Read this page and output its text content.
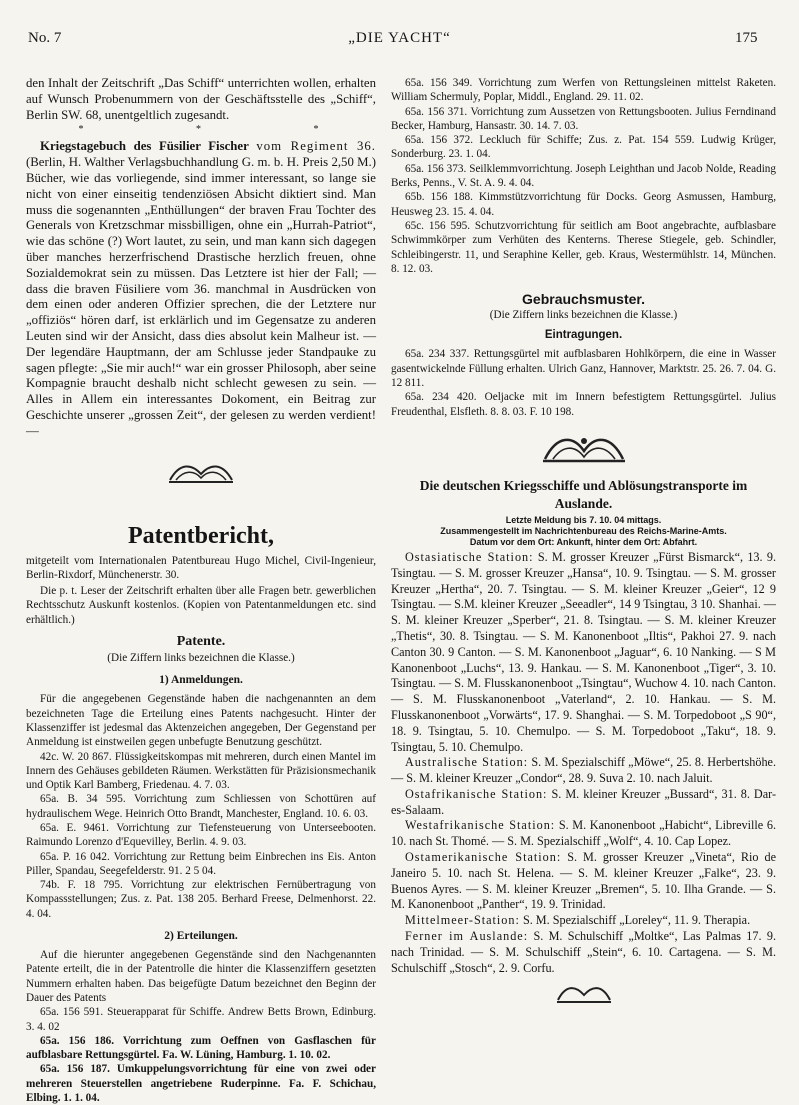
No. 7	„DIE YACHT“	175

den Inhalt der Zeitschrift „Das Schiff“ unterrichten wollen, erhalten auf Wunsch Probenummern von der Geschäftsstelle des „Schiff“, Berlin SW. 68, unentgeltlich zugesandt.

* * *

Kriegstagebuch des Füsilier Fischer vom Regiment 36. (Berlin, H. Walther Verlagsbuchhandlung G. m. b. H. Preis 2,50 M.) Bücher, wie das vorliegende, sind immer interessant, so lange sie nicht von einer einseitig tendenziösen Absicht diktiert sind. Man muss die sogenannten „Enthüllungen“ der braven Frau Tochter des Generals von Kretzschmar missbilligen, ohne ein „Hurrah-Patriot“, wie das schöne (?) Wort lautet, zu sein, und man kann sich dagegen über manches herzerfrischend Drastische herzlich freuen, ohne Sozialdemokrat sein zu müssen. Das Letztere ist hier der Fall; — dass die braven Füsiliere vom 36. manchmal in Ausdrücken von dem einen oder anderen Offizier sprechen, die der Letztere nur „offiziös“ hören darf, ist erklärlich und im Gegensatze zu anderen Leuten sind wir der Ansicht, dass dies absolut kein Malheur ist. — Der legendäre Hauptmann, der am Schlusse jeder Standpauke zu sagen pflegte: „Sie mir auch!“ war ein grosser Philosoph, aber seine Kompagnie braucht deshalb nicht schlecht gewesen zu sein. — Alles in Allem ein interessantes Dokoment, ein Beitrag zur Geschichte unserer „grossen Zeit“, der gelesen zu werden verdient! —

Patentbericht,

mitgeteilt vom Internationalen Patentbureau Hugo Michel, Civil-Ingenieur, Berlin-Rixdorf, Münchenerstr. 30.

Die p. t. Leser der Zeitschrift erhalten über alle Fragen betr. gewerblichen Rechtsschutz Auskunft kostenlos. (Kopien von Patentanmeldungen etc. sind erhältlich.)

Patente.

(Die Ziffern links bezeichnen die Klasse.)

1) Anmeldungen.

Für die angegebenen Gegenstände haben die nachgenannten an dem bezeichneten Tage die Erteilung eines Patents nachgesucht. Hinter der Klassenziffer ist jedesmal das Aktenzeichen angegeben, Der Gegenstand per Anmeldung ist einstweilen gegen unbefugte Benutzung geschützt.

42c. W. 20 867. Flüssigkeitskompas mit mehreren, durch einen Mantel im Innern des Gehäuses gebildeten Räumen. Werkstätten für Präzisionsmechanik und Optik Karl Bamberg, Friedenau. 4. 7. 03.

65a. B. 34 595. Vorrichtung zum Schliessen von Schottüren auf hydraulischem Wege. Heinrich Otto Brandt, Manchester, England. 10. 6. 03.

65a. E. 9461. Vorrichtung zur Tiefensteuerung von Unterseebooten. Raimundo Lorenzo d'Equevilley, Berlin. 4. 9. 03.

65a. P. 16 042. Vorrichtung zur Rettung beim Einbrechen ins Eis. Anton Piller, Spandau, Seegefelderstr. 91. 2 5 04.

74b. F. 18 795. Vorrichtung zur elektrischen Fernübertragung von Kompassstellungen; Zus. z. Pat. 138 205. Berhard Freese, Delmenhorst. 22. 4. 04.

2) Erteilungen.

Auf die hierunter angegebenen Gegenstände sind den Nachgenannten Patente erteilt, die in der Patentrolle die hinter die Klassenziffern gesetzten Nummern erhalten haben. Das beigefügte Datum bezeichnet den Beginn der Dauer des Patents

65a. 156 591. Steuerapparat für Schiffe. Andrew Betts Brown, Edinburg. 3. 4. 02

65a. 156 186. Vorrichtung zum Oeffnen von Gasflaschen für aufblasbare Rettungsgürtel. Fa. W. Lüning, Hamburg. 1. 10. 02.

65a. 156 187. Umkuppelungsvorrichtung für eine von zwei oder mehreren Steuerstellen angetriebene Ruderpinne. Fa. F. Schichau, Elbing. 1. 1. 04.

65a. 156 349. Vorrichtung zum Werfen von Rettungsleinen mittelst Raketen. William Schermuly, Poplar, Middl., England. 29. 11. 02.

65a. 156 371. Vorrichtung zum Aussetzen von Rettungsbooten. Julius Ferndinand Becker, Hamburg, Hansastr. 30. 14. 7. 03.

65a. 156 372. Leckluch für Schiffe; Zus. z. Pat. 154 559. Ludwig Krüger, Sonderburg. 23. 1. 04.

65a. 156 373. Seilklemmvorrichtung. Joseph Leighthan und Jacob Nolde, Reading Berks, Penns., V. St. A. 9. 4. 04.

65b. 156 188. Kimmstützvorrichtung für Docks. Georg Asmussen, Hamburg, Heusweg 23. 15. 4. 04.

65c. 156 595. Schutzvorrichtung für seitlich am Boot angebrachte, aufblasbare Schwimmkörper zum Verhüten des Kenterns. Therese Stiegele, geb. Schindler, Schleibingerstr. 11, und Seraphine Keller, geb. Kraus, Westermühlstr. 14, München. 8. 12. 03.

Gebrauchsmuster.

(Die Ziffern links bezeichnen die Klasse.)

Eintragungen.

65a. 234 337. Rettungsgürtel mit aufblasbaren Hohlkörpern, die eine in Wasser gasentwickelnde Füllung erhalten. Ulrich Ganz, Hannover, Marktstr. 25. 26. 7. 04. G. 12 811.

65a. 234 420. Oeljacke mit im Innern befestigtem Rettungsgürtel. Julius Freudenthal, Elsfleth. 8. 8. 03. F. 10 198.

Die deutschen Kriegsschiffe und Ablösungstransporte im Auslande.

Letzte Meldung bis 7. 10. 04 mittags.

Zusammengestellt im Nachrichtenbureau des Reichs-Marine-Amts.

Datum vor dem Ort: Ankunft, hinter dem Ort: Abfahrt.

Ostasiatische Station: S. M. grosser Kreuzer „Fürst Bismarck“, 13. 9. Tsingtau. — S. M. grosser Kreuzer „Hansa“, 10. 9. Tsingtau. — S. M. grosser Kreuzer „Hertha“, 20. 7. Tsingtau. — S. M. kleiner Kreuzer „Geier“, 12 9 Tsingtau. — S.M. kleiner Kreuzer „Seeadler“, 14 9 Tsingtau, 3 10. Shanhai. — S. M. kleiner Kreuzer „Sperber“, 21. 8. Tsingtau. — S. M. kleiner Kreuzer „Thetis“, 30. 8. Tsingtau. — S. M. Kanonenboot „Iltis“, Pakhoi 27. 9. nach Canton 30. 9 Canton. — S. M. Kanonenboot „Jaguar“, 6. 10 Nanking. — S M Kanonenboot „Luchs“, 13. 9. Hankau. — S. M. Kanonenboot „Tiger“, 3. 10. Tsingtau. — S. M. Flusskanonenboot „Tsingtau“, Wuchow 4. 10. nach Canton. — S. M. Flusskanonenboot „Vaterland“, 2. 10. Hankau. — S. M. Flusskanonenboot „Vorwärts“, 17. 9. Shanghai. — S. M. Torpedoboot „S 90“, 18. 9. Tsingtau, 5. 10. Chemulpo. — S. M. Torpedoboot „Taku“, 18. 9. Tsingtau, 5. 10. Chemulpo.

Australische Station: S. M. Spezialschiff „Möwe“, 25. 8. Herbertshöhe. — S. M. kleiner Kreuzer „Condor“, 28. 9. Suva 2. 10. nach Jaluit.

Ostafrikanische Station: S. M. kleiner Kreuzer „Bussard“, 31. 8. Dar-es-Salaam.

Westafrikanische Station: S. M. Kanonenboot „Habicht“, Libreville 6. 10. nach St. Thomé. — S. M. Spezialschiff „Wolf“, 4. 10. Cap Lopez.

Ostamerikanische Station: S. M. grosser Kreuzer „Vineta“, Rio de Janeiro 5. 10. nach St. Helena. — S. M. kleiner Kreuzer „Falke“, 23. 9. Buenos Ayres. — S. M. kleiner Kreuzer „Bremen“, 5. 10. Ilha Grande. — S. M. Kanonenboot „Panther“, 19. 9. Trinidad.

Mittelmeer-Station: S. M. Spezialschiff „Loreley“, 11. 9. Therapia.

Ferner im Auslande: S. M. Schulschiff „Moltke“, Las Palmas 17. 9. nach Trinidad. — S. M. Schulschiff „Stein“, 6. 10. Cartagena. — S. M. Schulschiff „Stosch“, 2. 9. Corfu.
